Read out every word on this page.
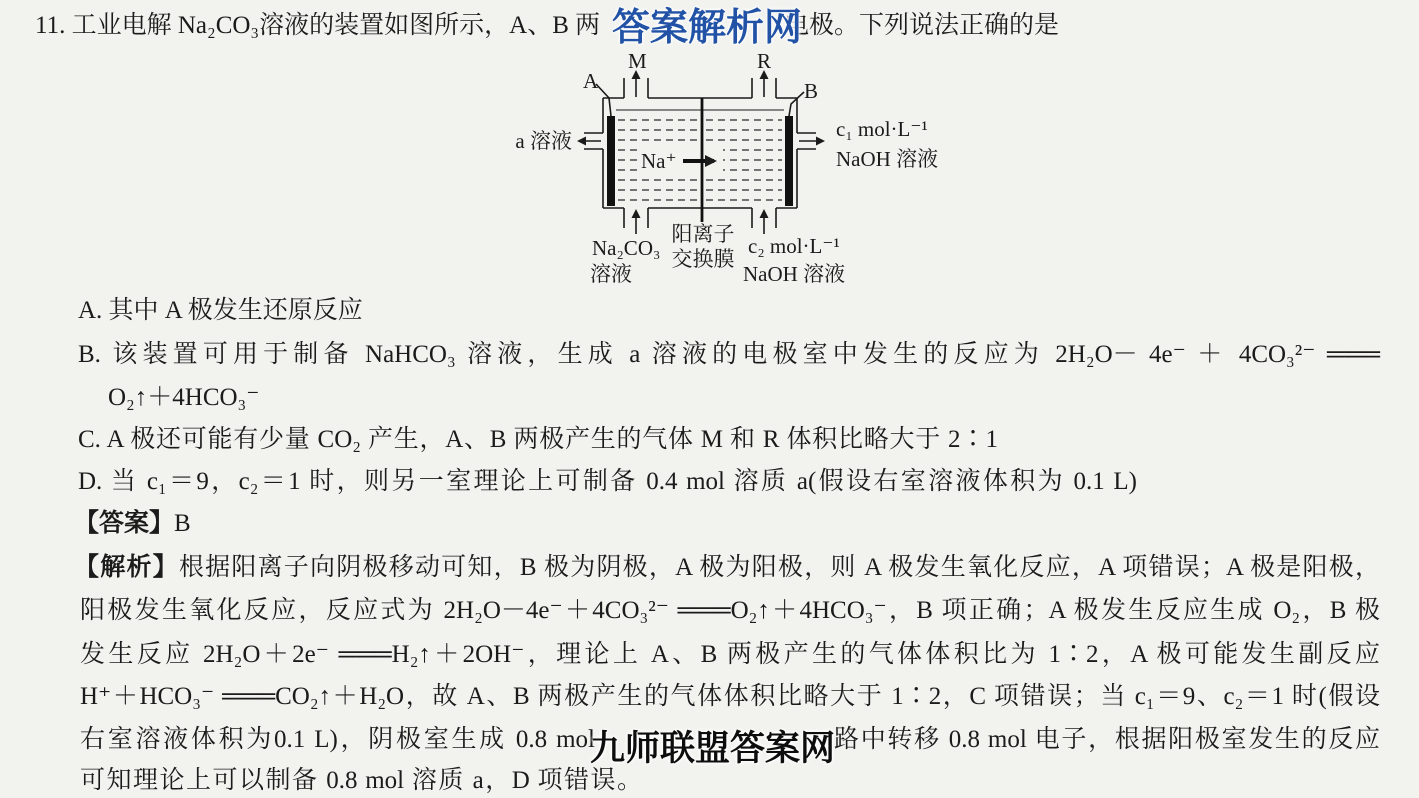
11. 工业电解 Na₂CO₃溶液的装置如图所示，A、B 两	电极。下列说法正确的是
答案解析网
A
M	R
B
a 溶液	c₁ mol·L⁻¹
NaOH 溶液
Na⁺
Na₂CO₃
溶液
阳离子
交换膜
c₂ mol·L⁻¹
NaOH 溶液
A. 其中 A 极发生还原反应
B. 该装置可用于制备 NaHCO₃ 溶液，生成 a 溶液的电极室中发生的反应为 2H₂O－ 4e⁻ ＋ 4CO₃²⁻ ═══
O₂↑＋4HCO₃⁻
C. A 极还可能有少量 CO₂ 产生，A、B 两极产生的气体 M 和 R 体积比略大于 2∶1
D. 当 c₁＝9，c₂＝1 时，则另一室理论上可制备 0.4 mol 溶质 a(假设右室溶液体积为 0.1 L)
【答案】B
【解析】根据阳离子向阴极移动可知，B 极为阴极，A 极为阳极，则 A 极发生氧化反应，A 项错误；A 极是阳极，
阳极发生氧化反应，反应式为 2H₂O－4e⁻＋4CO₃²⁻ ═══O₂↑＋4HCO₃⁻，B 项正确；A 极发生反应生成 O₂，B 极
发生反应 2H₂O＋2e⁻ ═══H₂↑＋2OH⁻，理论上 A、B 两极产生的气体体积比为 1∶2，A 极可能发生副反应
H⁺＋HCO₃⁻ ═══CO₂↑＋H₂O，故 A、B 两极产生的气体体积比略大于 1∶2，C 项错误；当 c₁＝9、c₂＝1 时(假设
右室溶液体积为0.1 L)，阴极室生成 0.8 mol	路中转移 0.8 mol 电子，根据阳极室发生的反应
可知理论上可以制备 0.8 mol 溶质 a，D 项错误。
九师联盟答案网
